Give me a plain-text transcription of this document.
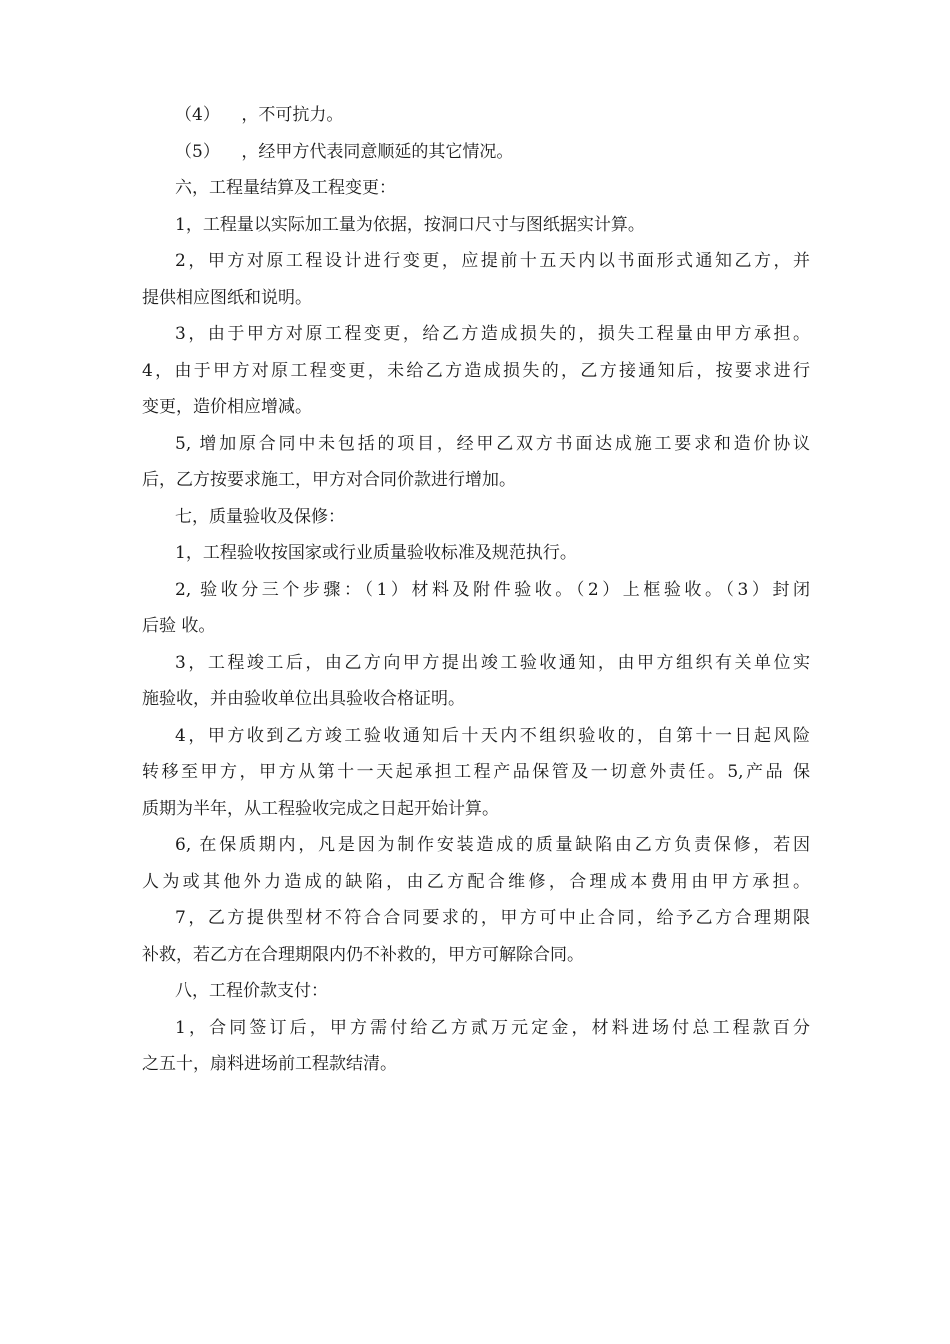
（4）    ，不可抗力。
（5）    ，经甲方代表同意顺延的其它情况。
六，工程量结算及工程变更：
1，工程量以实际加工量为依据，按洞口尺寸与图纸据实计算。
2，甲方对原工程设计进行变更，应提前十五天内以书面形式通知乙方，并
提供相应图纸和说明。
3，由于甲方对原工程变更，给乙方造成损失的，损失工程量由甲方承担。
4，由于甲方对原工程变更，未给乙方造成损失的，乙方接通知后，按要求进行
变更，造价相应增减。
5, 增加原合同中未包括的项目，经甲乙双方书面达成施工要求和造价协议
后，乙方按要求施工，甲方对合同价款进行增加。
七，质量验收及保修：
1，工程验收按国家或行业质量验收标准及规范执行。
2, 验收分三个步骤：（1）材料及附件验收。（2）上框验收。（3）封闭
后验 收。
3，工程竣工后，由乙方向甲方提出竣工验收通知，由甲方组织有关单位实
施验收，并由验收单位出具验收合格证明。
4，甲方收到乙方竣工验收通知后十天内不组织验收的，自第十一日起风险
转移至甲方，甲方从第十一天起承担工程产品保管及一切意外责任。5,产品 保
质期为半年，从工程验收完成之日起开始计算。
6, 在保质期内，凡是因为制作安装造成的质量缺陷由乙方负责保修，若因
人为或其他外力造成的缺陷，由乙方配合维修，合理成本费用由甲方承担。
7，乙方提供型材不符合合同要求的，甲方可中止合同，给予乙方合理期限
补救，若乙方在合理期限内仍不补救的，甲方可解除合同。
八，工程价款支付：
1，合同签订后，甲方需付给乙方贰万元定金，材料进场付总工程款百分
之五十，扇料进场前工程款结清。
